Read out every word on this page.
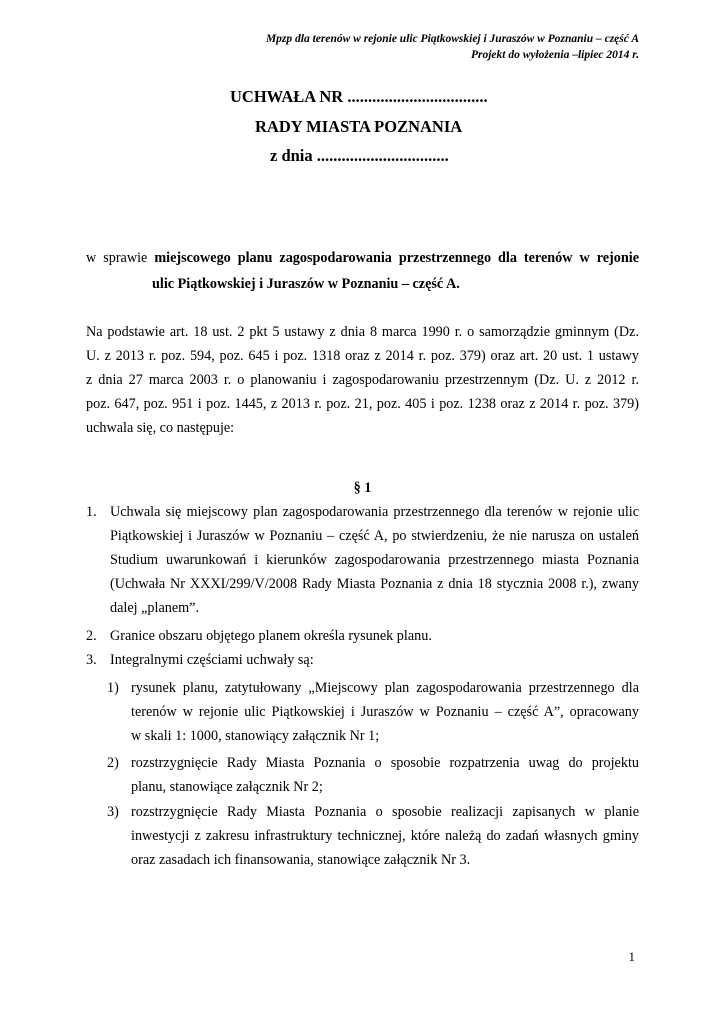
Mpzp dla terenów w rejonie ulic Piątkowskiej i Juraszów w Poznaniu – część A
Projekt do wyłożenia –lipiec 2014 r.
UCHWAŁA NR ..................................
RADY MIASTA POZNANIA
z dnia ................................
w sprawie miejscowego planu zagospodarowania przestrzennego dla terenów w rejonie
ulic Piątkowskiej i Juraszów w Poznaniu – część A.
Na podstawie art. 18 ust. 2 pkt 5 ustawy z dnia 8 marca 1990 r. o samorządzie gminnym (Dz.
U. z 2013 r. poz. 594, poz. 645 i poz. 1318 oraz z 2014 r. poz. 379) oraz art. 20 ust. 1 ustawy
z dnia 27 marca 2003 r. o planowaniu i zagospodarowaniu przestrzennym (Dz. U. z 2012 r.
poz. 647, poz. 951 i poz. 1445, z 2013 r. poz. 21, poz. 405 i poz. 1238 oraz z 2014 r. poz. 379)
uchwala się, co następuje:
§ 1
1. Uchwala się miejscowy plan zagospodarowania przestrzennego dla terenów w rejonie ulic
Piątkowskiej i Juraszów w Poznaniu – część A, po stwierdzeniu, że nie narusza on ustaleń
Studium uwarunkowań i kierunków zagospodarowania przestrzennego miasta Poznania
(Uchwała Nr XXXI/299/V/2008 Rady Miasta Poznania z dnia 18 stycznia 2008 r.), zwany
dalej „planem”.
2. Granice obszaru objętego planem określa rysunek planu.
3. Integralnymi częściami uchwały są:
1) rysunek planu, zatytułowany „Miejscowy plan zagospodarowania przestrzennego dla
terenów w rejonie ulic Piątkowskiej i Juraszów w Poznaniu – część A”, opracowany
w skali 1: 1000, stanowiący załącznik Nr 1;
2) rozstrzygnięcie Rady Miasta Poznania o sposobie rozpatrzenia uwag do projektu
planu, stanowiące załącznik Nr 2;
3) rozstrzygnięcie Rady Miasta Poznania o sposobie realizacji zapisanych w planie
inwestycji z zakresu infrastruktury technicznej, które należą do zadań własnych gminy
oraz zasadach ich finansowania, stanowiące załącznik Nr 3.
1
